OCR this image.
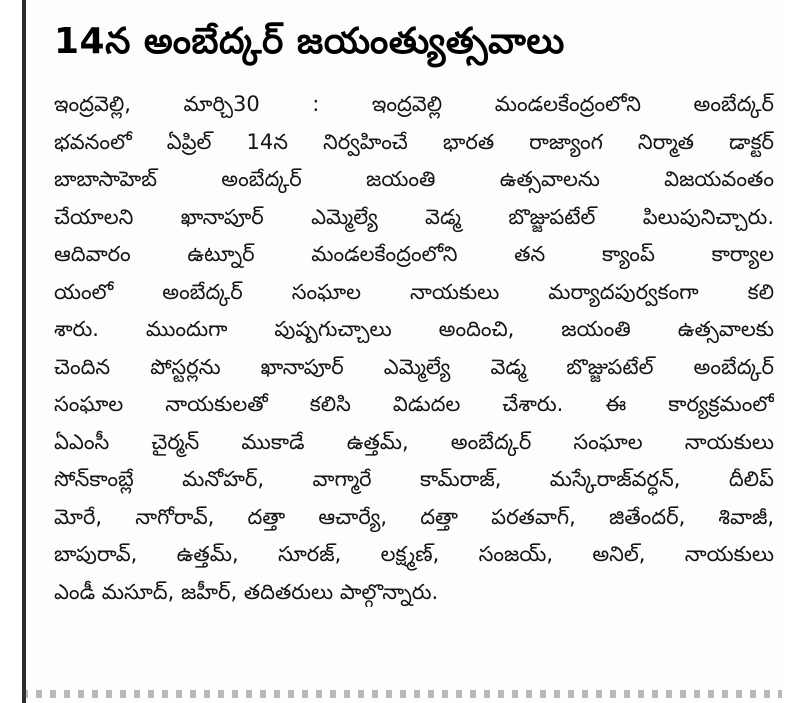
14న అంబేద్కర్ జయంత్యుత్సవాలు
ఇంద్రవెల్లి, మార్చి30 : ఇంద్రవెల్లి మండలకేంద్రంలోని అంబేద్కర్
భవనంలో ఏప్రిల్ 14న నిర్వహించే భారత రాజ్యాంగ నిర్మాత డాక్టర్
బాబాసాహెబ్ అంబేద్కర్ జయంతి ఉత్సవాలను విజయవంతం
చేయాలని ఖానాపూర్ ఎమ్మెల్యే వెడ్మ బొజ్జుపటేల్ పిలుపునిచ్చారు.
ఆదివారం ఉట్నూర్ మండలకేంద్రంలోని తన క్యాంప్ కార్యాల
యంలో అంబేద్కర్ సంఘాల నాయకులు మర్యాదపుర్వకంగా కలి
శారు. ముందుగా పుష్పగుచ్చాలు అందించి, జయంతి ఉత్సవాలకు
చెందిన పోస్టర్లను ఖానాపూర్ ఎమ్మెల్యే వెడ్మ బొజ్జుపటేల్ అంబేద్కర్
సంఘాల నాయకులతో కలిసి విడుదల చేశారు. ఈ కార్యక్రమంలో
ఏఎంసీ చైర్మన్ ముకాడే ఉత్తమ్, అంబేద్కర్ సంఘాల నాయకులు
సోన్‌కాంబ్లే మనోహర్, వాగ్మారే కామ్‌రాజ్, మస్కేరాజ్‌వర్ధన్, దీలిప్
మోరే, నాగోరావ్, దత్తా ఆచార్యే, దత్తా పరతవాగ్, జితేందర్, శివాజీ,
బాపురావ్, ఉత్తమ్, సూరజ్, లక్ష్మణ్, సంజయ్, అనిల్, నాయకులు
ఎండీ మసూద్, జహీర్, తదితరులు పాల్గొన్నారు.
